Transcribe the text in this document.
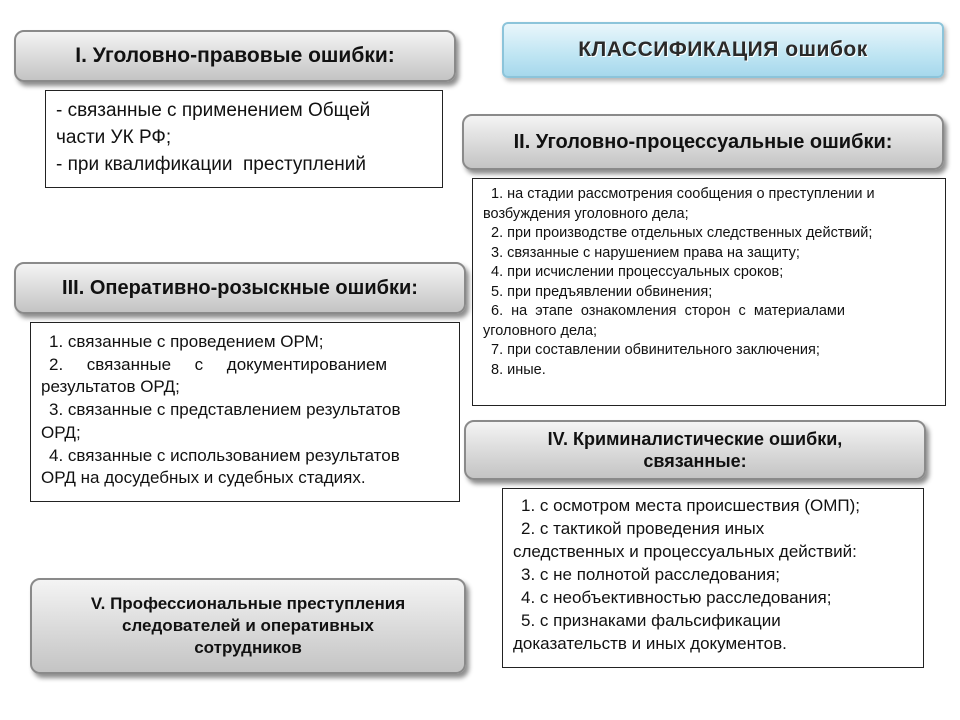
КЛАССИФИКАЦИЯ ошибок
I. Уголовно-правовые ошибки:
- связанные с применением Общей
части УК РФ;
- при квалификации  преступлений
II. Уголовно-процессуальные ошибки:
1. на стадии рассмотрения сообщения о преступлении и
возбуждения уголовного дела;
2. при производстве отдельных следственных действий;
3. связанные с нарушением права на защиту;
4. при исчислении процессуальных сроков;
5. при предъявлении обвинения;
6.  на  этапе  ознакомления  сторон  с  материалами
уголовного дела;
7. при составлении обвинительного заключения;
8. иные.
III. Оперативно-розыскные ошибки:
1. связанные с проведением ОРМ;
2.     связанные     с     документированием
результатов ОРД;
3. связанные с представлением результатов
ОРД;
4. связанные с использованием результатов
ОРД на досудебных и судебных стадиях.
IV. Криминалистические ошибки,
связанные:
1. с осмотром места происшествия (ОМП);
2. с тактикой проведения иных
следственных и процессуальных действий:
3. с не полнотой расследования;
4. с необъективностью расследования;
5. с признаками фальсификации
доказательств и иных документов.
V. Профессиональные преступления
следователей и оперативных
сотрудников
